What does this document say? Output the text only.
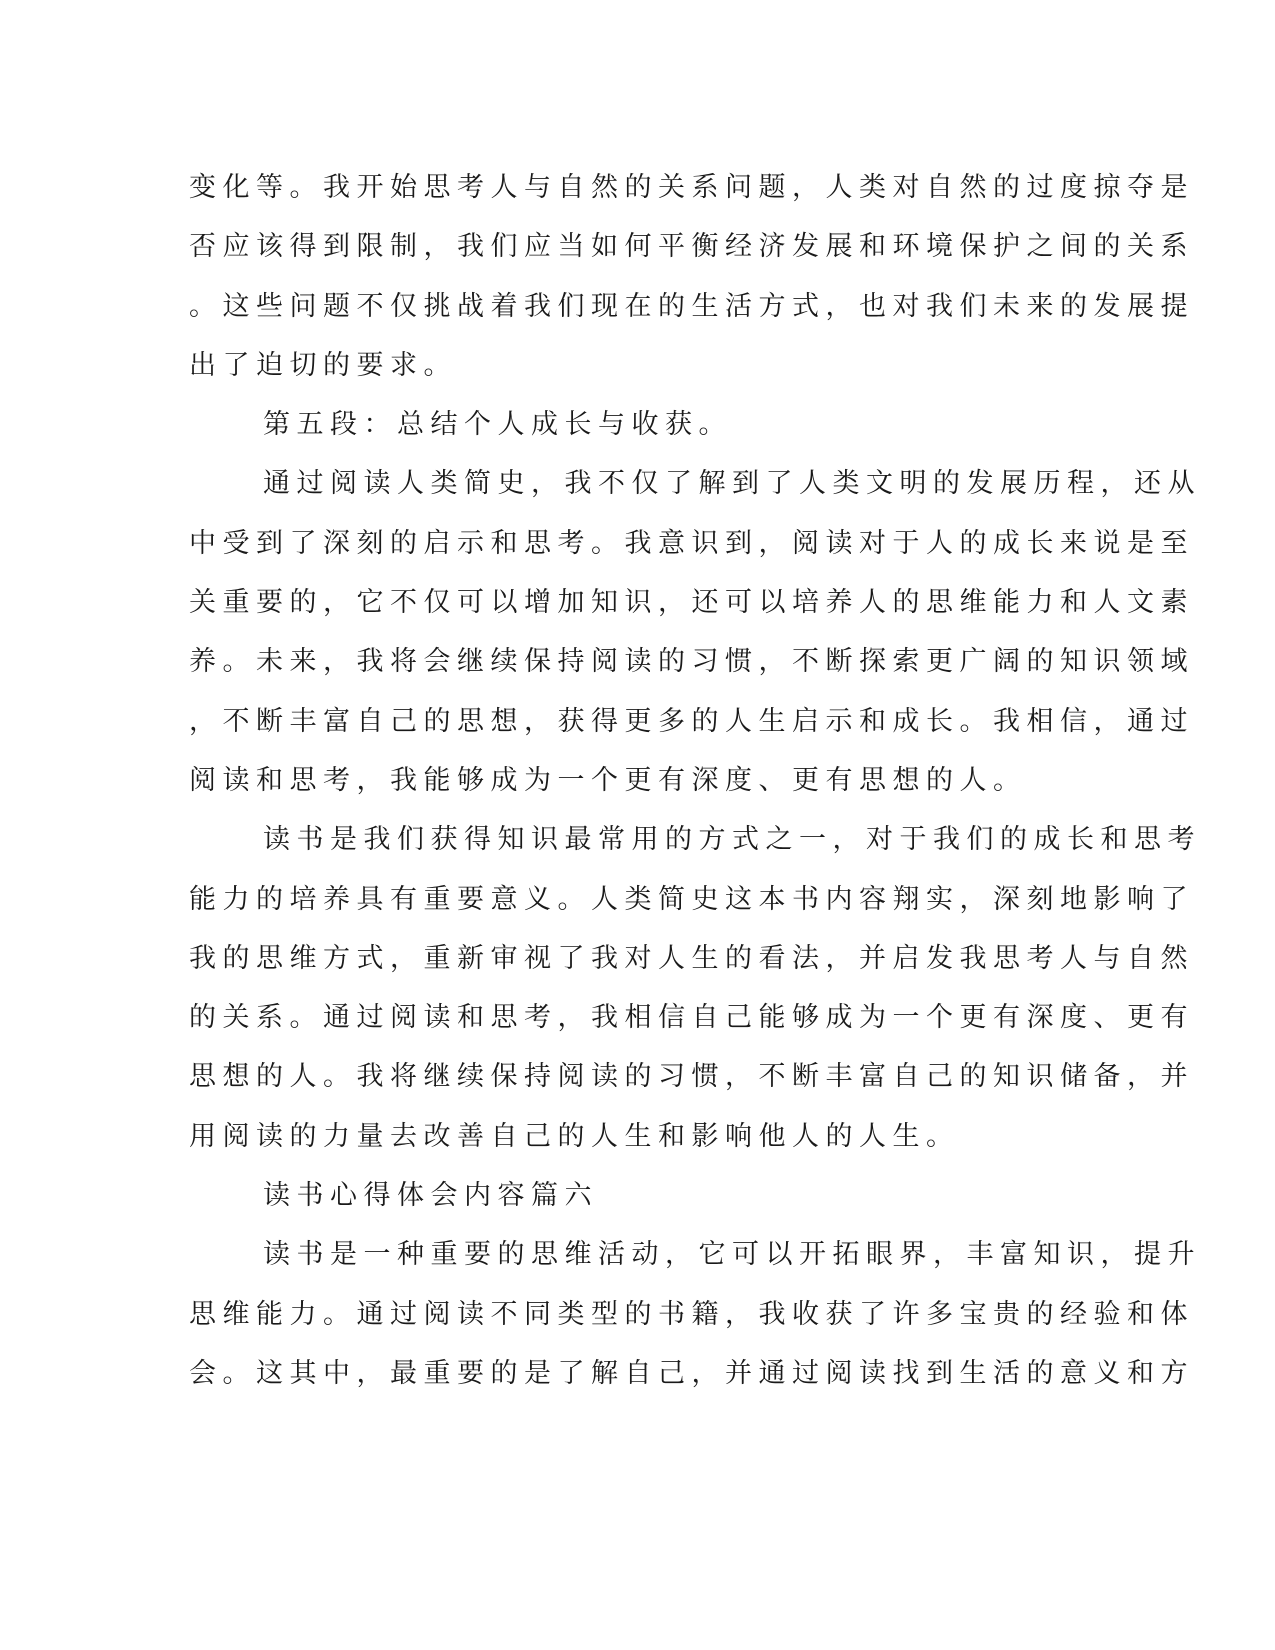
变化等。我开始思考人与自然的关系问题，人类对自然的过度掠夺是
否应该得到限制，我们应当如何平衡经济发展和环境保护之间的关系
。这些问题不仅挑战着我们现在的生活方式，也对我们未来的发展提
出了迫切的要求。
第五段：总结个人成长与收获。
通过阅读人类简史，我不仅了解到了人类文明的发展历程，还从
中受到了深刻的启示和思考。我意识到，阅读对于人的成长来说是至
关重要的，它不仅可以增加知识，还可以培养人的思维能力和人文素
养。未来，我将会继续保持阅读的习惯，不断探索更广阔的知识领域
，不断丰富自己的思想，获得更多的人生启示和成长。我相信，通过
阅读和思考，我能够成为一个更有深度、更有思想的人。
读书是我们获得知识最常用的方式之一，对于我们的成长和思考
能力的培养具有重要意义。人类简史这本书内容翔实，深刻地影响了
我的思维方式，重新审视了我对人生的看法，并启发我思考人与自然
的关系。通过阅读和思考，我相信自己能够成为一个更有深度、更有
思想的人。我将继续保持阅读的习惯，不断丰富自己的知识储备，并
用阅读的力量去改善自己的人生和影响他人的人生。
读书心得体会内容篇六
读书是一种重要的思维活动，它可以开拓眼界，丰富知识，提升
思维能力。通过阅读不同类型的书籍，我收获了许多宝贵的经验和体
会。这其中，最重要的是了解自己，并通过阅读找到生活的意义和方
